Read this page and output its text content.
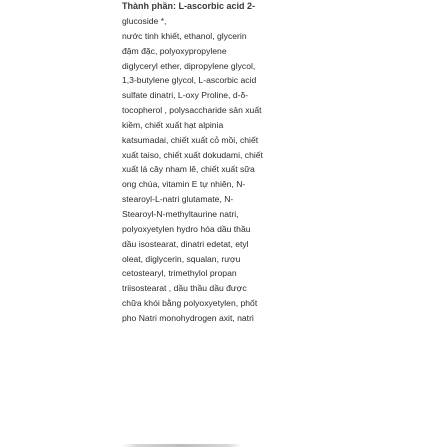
Thành phần: L-ascorbic acid 2-
glucoside *,
nước tinh khiết, ethanol, glycerin
đậm đặc, polyoxypropylene
diglyceryl ether, dipropylene glycol,
1,3-butylene glycol, L-ascorbic acid
sulfate dinatri, L-oxy Proline, d-δ-
tocopherol , polysaccharide sản xuất
kiềm, chiết xuất hạt alpinia
katsumadai, chiết xuất cỏ mồi, chiết
xuất taiso, chiết xuất dokudami, chiết
xuất lá cây nham lê, chiết xuất sữa
ong chúa, vitamin E tự nhiên, N-
stearoyl-L-natri glutamate, N-
Stearoyl-N-methyltaurine natri,
polyoxyetylen hydro hóa dầu thầu
dầu isostearat, dinatri edetat, etyl
oleat, diglycerin, squalan, rượu
cetostearyl, trimethylol propan
triisostearat , dầu thầu dầu được
chữa khói bằng polyoxyetylen, phốt
pho Natri monohydrogen axit, natri
